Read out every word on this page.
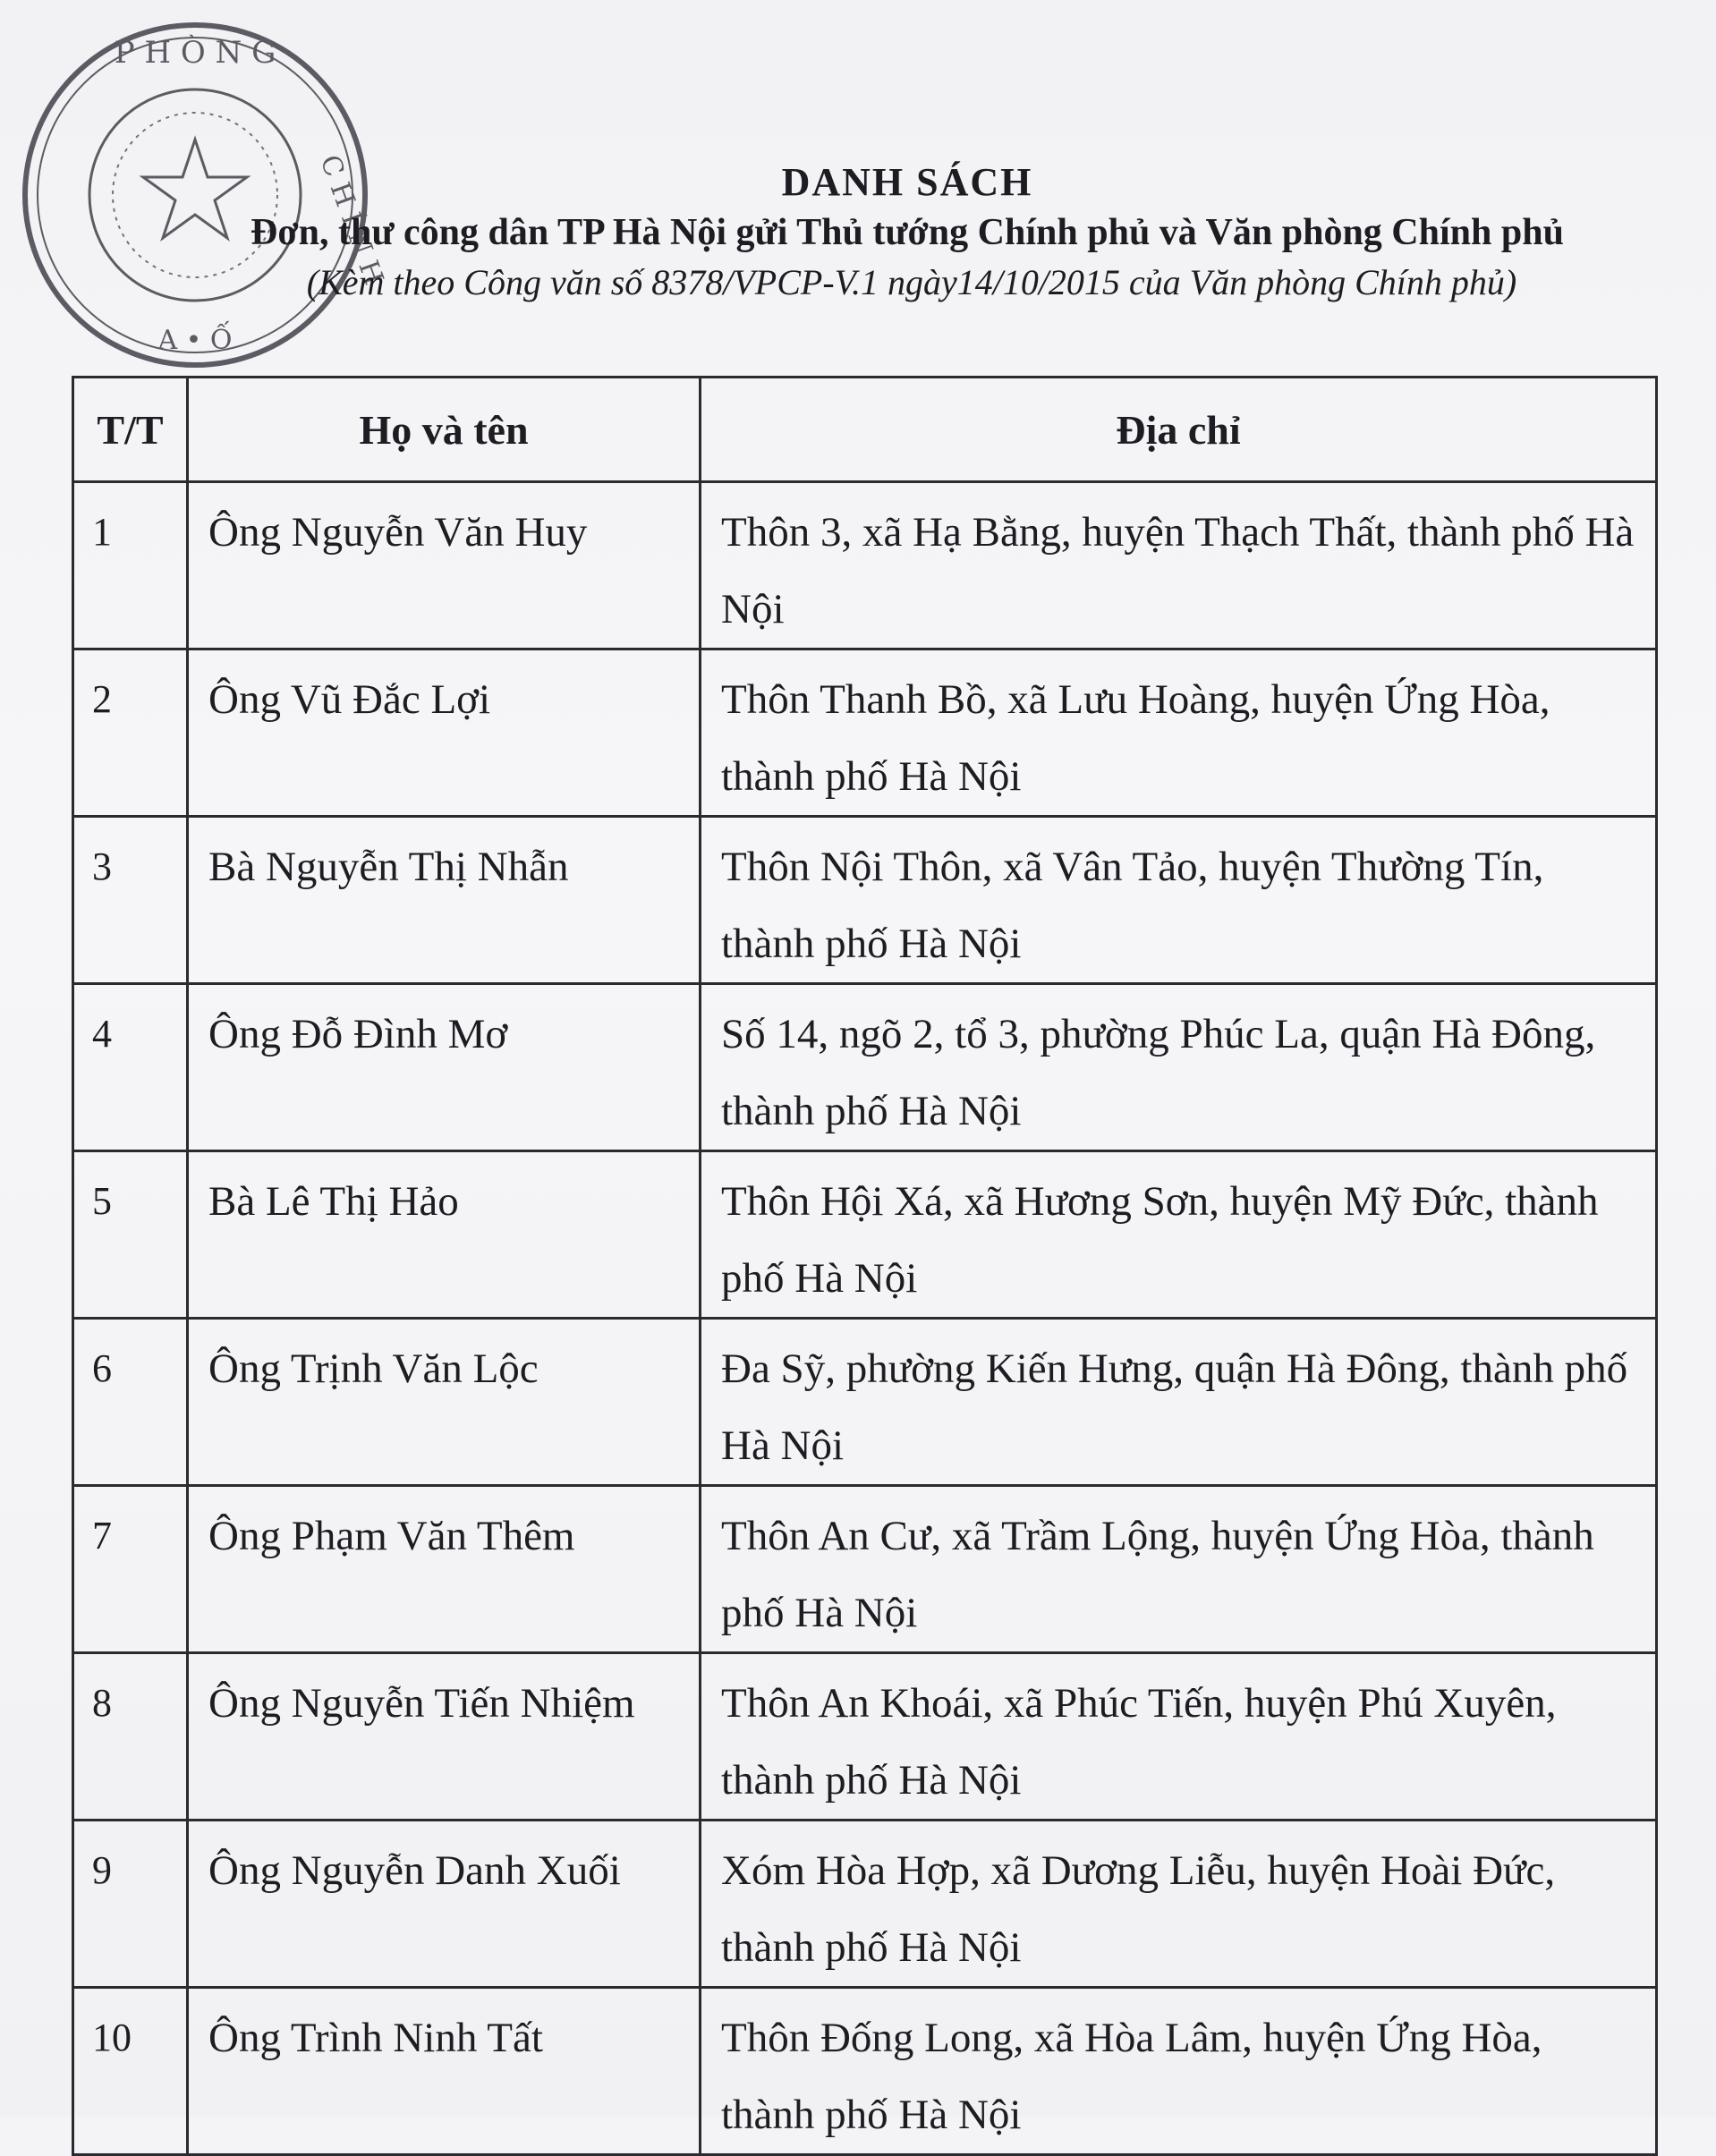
P H Ò N G
C H Í N H
A • Ố
DANH SÁCH
Đơn, thư công dân TP Hà Nội gửi Thủ tướng Chính phủ và Văn phòng Chính phủ
(Kèm theo Công văn số 8378/VPCP-V.1 ngày14/10/2015 của Văn phòng Chính phủ)
T/T	Họ và tên	Địa chỉ
1	Ông Nguyễn Văn Huy	Thôn 3, xã Hạ Bằng, huyện Thạch Thất, thành phố Hà Nội
2	Ông Vũ Đắc Lợi	Thôn Thanh Bồ, xã Lưu Hoàng, huyện Ứng Hòa, thành phố Hà Nội
3	Bà Nguyễn Thị Nhẫn	Thôn Nội Thôn, xã Vân Tảo, huyện Thường Tín, thành phố Hà Nội
4	Ông Đỗ Đình Mơ	Số 14, ngõ 2, tổ 3, phường Phúc La, quận Hà Đông, thành phố Hà Nội
5	Bà Lê Thị Hảo	Thôn Hội Xá, xã Hương Sơn, huyện Mỹ Đức, thành phố Hà Nội
6	Ông Trịnh Văn Lộc	Đa Sỹ, phường Kiến Hưng, quận Hà Đông, thành phố Hà Nội
7	Ông Phạm Văn Thêm	Thôn An Cư, xã Trầm Lộng, huyện Ứng Hòa, thành phố Hà Nội
8	Ông Nguyễn Tiến Nhiệm	Thôn An Khoái, xã Phúc Tiến, huyện Phú Xuyên, thành phố Hà Nội
9	Ông Nguyễn Danh Xuối	Xóm Hòa Hợp, xã Dương Liễu, huyện Hoài Đức, thành phố Hà Nội
10	Ông Trình Ninh Tất	Thôn Đống Long, xã Hòa Lâm, huyện Ứng Hòa, thành phố Hà Nội
